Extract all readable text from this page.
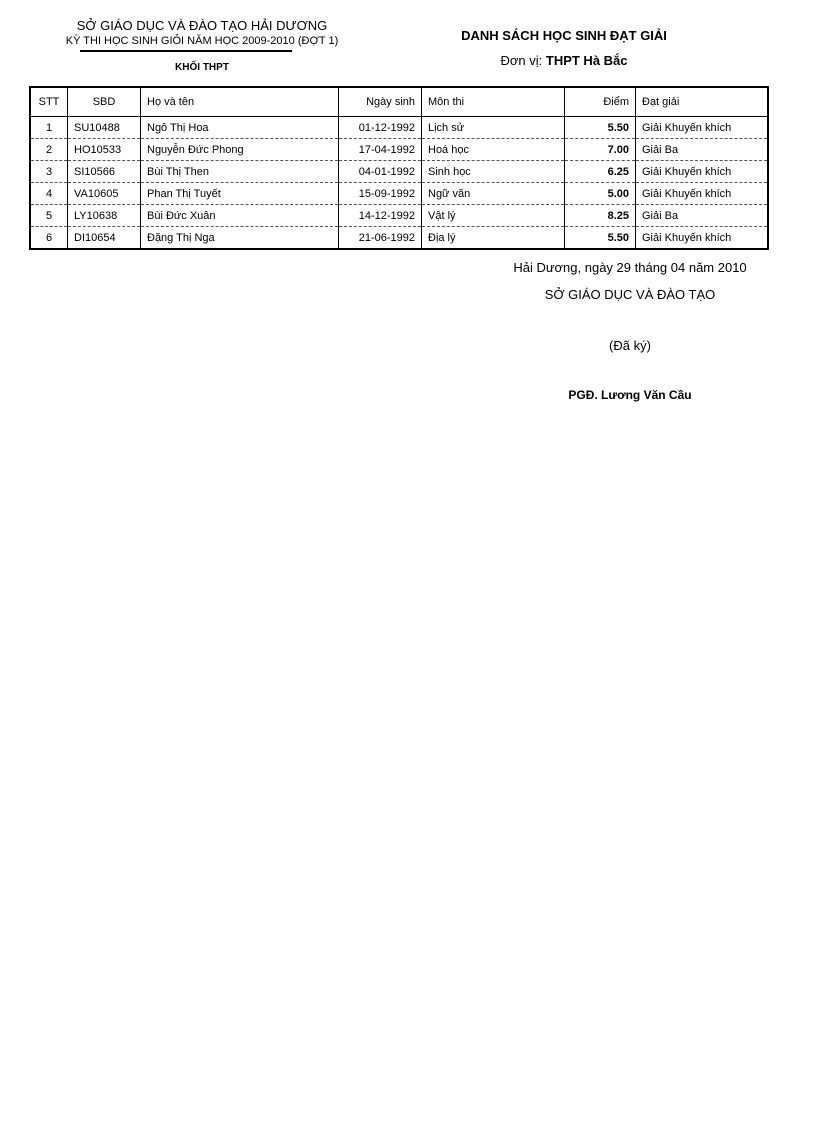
SỞ GIÁO DỤC VÀ ĐÀO TẠO HẢI DƯƠNG
KỲ THI HỌC SINH GIỎI NĂM HỌC 2009-2010 (ĐỢT 1)
KHỐI THPT
DANH SÁCH HỌC SINH ĐẠT GIẢI
Đơn vị: THPT Hà Bắc
STT	SBD	Họ và tên	Ngày sinh	Môn thi	Điểm	Đạt giải
1	SU10488	Ngô Thị Hoa	01-12-1992	Lịch sử	5.50	Giải Khuyến khích
2	HO10533	Nguyễn Đức Phong	17-04-1992	Hoá học	7.00	Giải Ba
3	SI10566	Bùi Thị Then	04-01-1992	Sinh học	6.25	Giải Khuyến khích
4	VA10605	Phan Thị Tuyết	15-09-1992	Ngữ văn	5.00	Giải Khuyến khích
5	LY10638	Bùi Đức Xuân	14-12-1992	Vật lý	8.25	Giải Ba
6	DI10654	Đặng Thị Nga	21-06-1992	Địa lý	5.50	Giải Khuyến khích
Hải Dương, ngày 29 tháng 04 năm 2010
SỞ GIÁO DỤC VÀ ĐÀO TẠO
(Đã ký)
PGĐ. Lương Văn Cầu
